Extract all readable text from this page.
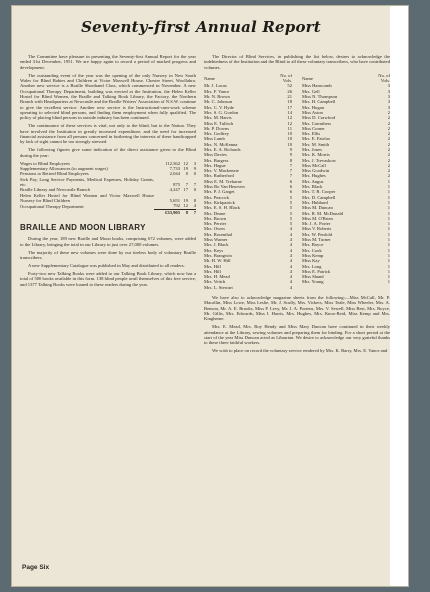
Seventy-first Annual Report

The Committee have pleasure in presenting the Seventy-first Annual Report for the year ended 31st December, 1951. We are happy again to record a period of marked progress and development.

The outstanding event of the year was the opening of the only Nursery in New South Wales for Blind Babies and Children at Victor Maxwell House, Chester Street, Woollahra. Another new service is a Braille Shorthand Class, which commenced in November. A new Occupational Therapy Department, building was erected at the Institution, the Helen Keller Hostel for Blind Women, the Braille and Talking Book Library, the Factory, the Northern Branch with Headquarters at Newcastle and the Braille Writers' Association of N.S.W. continue to give the excellent service. Another new service is the Instructional-cum-work scheme operating to selected blind persons, and finding them employment when fully qualified. The policy of placing blind persons in outside industry has been continued.

The continuance of these services is vital, not only to the blind, but to the Nation. They have involved the Institution in greatly increased expenditure, and the need for increased financial assistance from all persons concerned in furthering the interests of these handicapped by lack of sight cannot be too strongly stressed.

The following figures give some indication of the direct assistance given to the Blind during the year:

Wages to Blind Employees	112,562	12	3
Supplementary Allowances (to augment wages)	7,733	19	9
Pensions to Retired Blind Employees	2,044	0	0
Sick Pay, Long Service Payments, Medical Expenses, Holiday Grants, etc.	875	7	7
Braille Library and Newcastle Branch	4,247	17	0
Helen Keller Hostel for Blind Women and Victor Maxwell House Nursery for Blind Children	5,651	19	8
Occupational Therapy Department	792	12	4
	£33,905	8	7
BRAILLE AND MOON LIBRARY

During the year, 189 new Braille and Moon books, comprising 672 volumes, were added to the Library, bringing the total in our Library to just over 27,000 volumes.

The majority of these new volumes were done by our tireless body of voluntary Braille transcribers.

A new Supplementary Catalogue was published in May and distributed to all readers.

Forty-two new Talking Books were added to our Talking Book Library, which now has a total of 500 books available in this form. 138 blind people avail themselves of this free service, and 1377 Talking Books were loaned to these readers during the year.

The Director of Blind Services, in publishing the list below, desires to acknowledge the indebtedness of the Institution and the Blind to all these voluntary transcribers, who have contributed volumes.

Name	No. of Vols.
Mr. J. Lucas	52
Mrs. F. Vance	26
Mr. N. Brown	21
Mr. C. Johnson	18
Mrs. C. V. Hyde	17
Mrs. S. G. Gordon	14
Mrs. M. Harris	12
Miss E. Tulloch	12
Mr. P. Downs	11
Mrs. Godfrey	10
Miss Lamb	10
Mrs. N. McKenna	10
Mrs. E. A. Richards	9
Miss Davies	9
Mrs. Burgess	8
Mrs. Hague	7
Mrs. V. Mackenzie	7
Mrs. Rutherford	7
Miss E. M. Treharne	6
Miss Ro Van Heurven	6
Mrs. P. J. Garget	6
Mrs. Peacock	5
Mrs. Kirkpatrick	5
Mrs. E. S. H. Black	5
Mrs. Deane	5
Mrs. Brown	5
Mrs. Perrier	5
Mrs. Owen	4
Mrs. Rosenthal	4
Miss Warner	4
Mrs. J. Black	4
Mrs. Keys	4
Mrs. Brangwin	4
Mr. H. W. Hill	4
Mrs. Hill	4
Mrs. Hill	4
Mrs. H. Mead	4
Mrs. Veitch	4
Mrs. L. Stewart	4
Name	No. of Vols.
Miss Hanscomb	3
Mrs. Gell	3
Miss N. Thompson	3
Mrs. H. Campbell	3
Mrs. Hogan	3
Miss Aston	2
Miss D. Crawford	2
Mrs. Carruthers	2
Miss Corner	2
Mrs. Ellis	2
Mrs. E. Fairfax	2
Mrs. M. Smith	2
Mrs. Jones	2
Mrs. K. Morris	2
Mrs. J. Trevaskow	2
Miss McCall	2
Miss Goodwin	2
Mrs. Hughes	2
Mrs. Angus	1
Mrs. Black	1
Mrs. T. B. Cooper	1
Mrs. D. Campbell	1
Mrs. Hubbard	1
Miss M. Duncan	1
Mrs. R. M. McDonald	1
Miss M. O'Brien	1
Mr. J. A. Porter	1
Miss V. Roberts	1
Mrs. W. Penfold	1
Miss M. Turner	1
Mrs. Boyce	1
Mrs. Cook	1
Miss Kemp	1
Miss Kay	1
Mrs. Long	1
Miss E. Patrick	1
Miss Shand	1
Mrs. Young	1

We have also to acknowledge magazine sheets from the following:—Miss McCall, Mr. P. Macallin, Miss Lowe, Miss Leslie, Mr. J. Scully, Mrs. Vickers, Miss Teale, Miss Wheeler, Mrs. A. Benson, Mr. A. E. Brooks, Miss P. Levy, Mr. J. A. Porteus, Mrs. V. Sewell, Miss Best, Mrs. Boyce, Mr. Gillis, Mrs. Edwards, Miss I. Harris, Mrs. Hughes, Mrs. Knox-Reid, Miss Kemp and Mrs. Kingherne.

Mrs. E. Mead, Mrs. Roy Hendy and Miss Mary Duncan have continued in their weekly attendance at the Library, sewing volumes and preparing them for binding. For a short period at the start of the year Miss Duncan acted as Librarian. We desire to acknowledge our very grateful thanks to these three faithful workers.

We wish to place on record the voluntary service rendered by Mrs. K. Barry, Mrs. E. Vance and

Page Six
